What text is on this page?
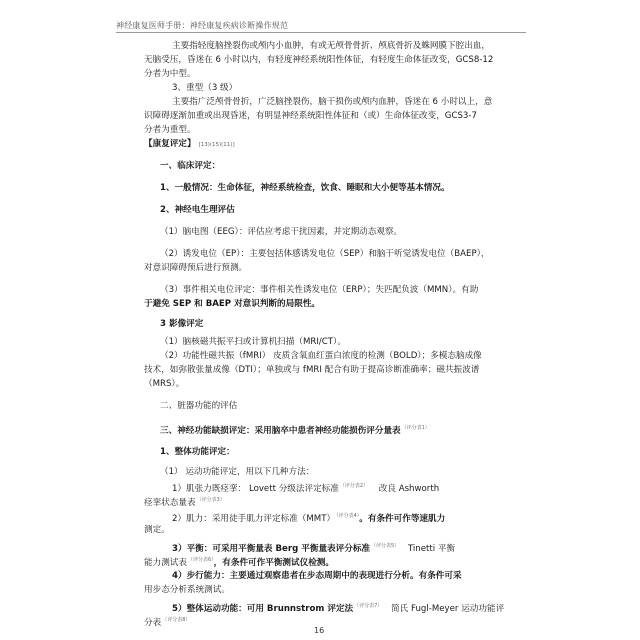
神经康复医师手册：神经康复疾病诊断操作规范
主要指轻度脑挫裂伤或颅内小血肿，有或无颅骨骨折、颅底骨折及蛛网膜下腔出血，
无脑受压，昏迷在 6 小时以内，有轻度神经系统阳性体征，有轻度生命体征改变，GCS8-12
分者为中型。
3、重型（3 级）
主要指广泛颅骨骨折，广泛脑挫裂伤，脑干损伤或颅内血肿，昏迷在 6 小时以上，意
识障碍逐渐加重或出现昏迷，有明显神经系统阳性体征和（或）生命体征改变，GCS3-7
分者为重型。
【康复评定】 [13)(15)(11)]
一、临床评定：
1、一般情况：生命体征，神经系统检查，饮食、睡眠和大小便等基本情况。
2、神经电生理评估
（1）脑电图（EEG）：评估应考虑干扰因素，并定期动态观察。
（2）诱发电位（EP）：主要包括体感诱发电位（SEP）和脑干听觉诱发电位（BAEP），
对意识障碍预后进行预测。
（3）事件相关电位评定：事件相关性诱发电位（ERP）；失匹配负波（MMN）。有助
于避免 SEP 和 BAEP 对意识判断的局限性。
3 影像评定
（1）脑核磁共振平扫或计算机扫描（MRI/CT）。
（2）功能性磁共振（fMRI） 皮质含氧血红蛋白浓度的检测（BOLD）；多模态脑成像
技术，如弥散张量成像（DTI）；单独或与 fMRI 配合有助于提高诊断准确率；磁共振波谱
（MRS）。
二、脏器功能的评估
三、神经功能缺损评定：采用脑卒中患者神经功能损伤评分量表$^{(评分表1)}$
1、整体功能评定：
（1） 运动功能评定，用以下几种方法：
1）肌张力既痉挛： Lovett 分级法评定标准$^{(评分表2)}$ 改良 Ashworth
痉挛状态量表$^{(评分表3)}$
2）肌力：采用徒手肌力评定标准（MMT）$^{(评分表4)}$。有条件可作等速肌力
测定。
3）平衡：可采用平衡量表 Berg 平衡量表评分标准$^{(评分表5)}$ Tinetti 平衡
能力测试表$^{(评分表6)}$，有条件可作平衡测试仪检测。
4）步行能力：主要通过观察患者在步态周期中的表现进行分析。有条件可采
用步态分析系统测试。
5）整体运动功能：可用 Brunnstrom 评定法$^{(评分表7)}$ 简氏 Fugl-Meyer 运动功能评
分表$^{(评分表8)}$
16
